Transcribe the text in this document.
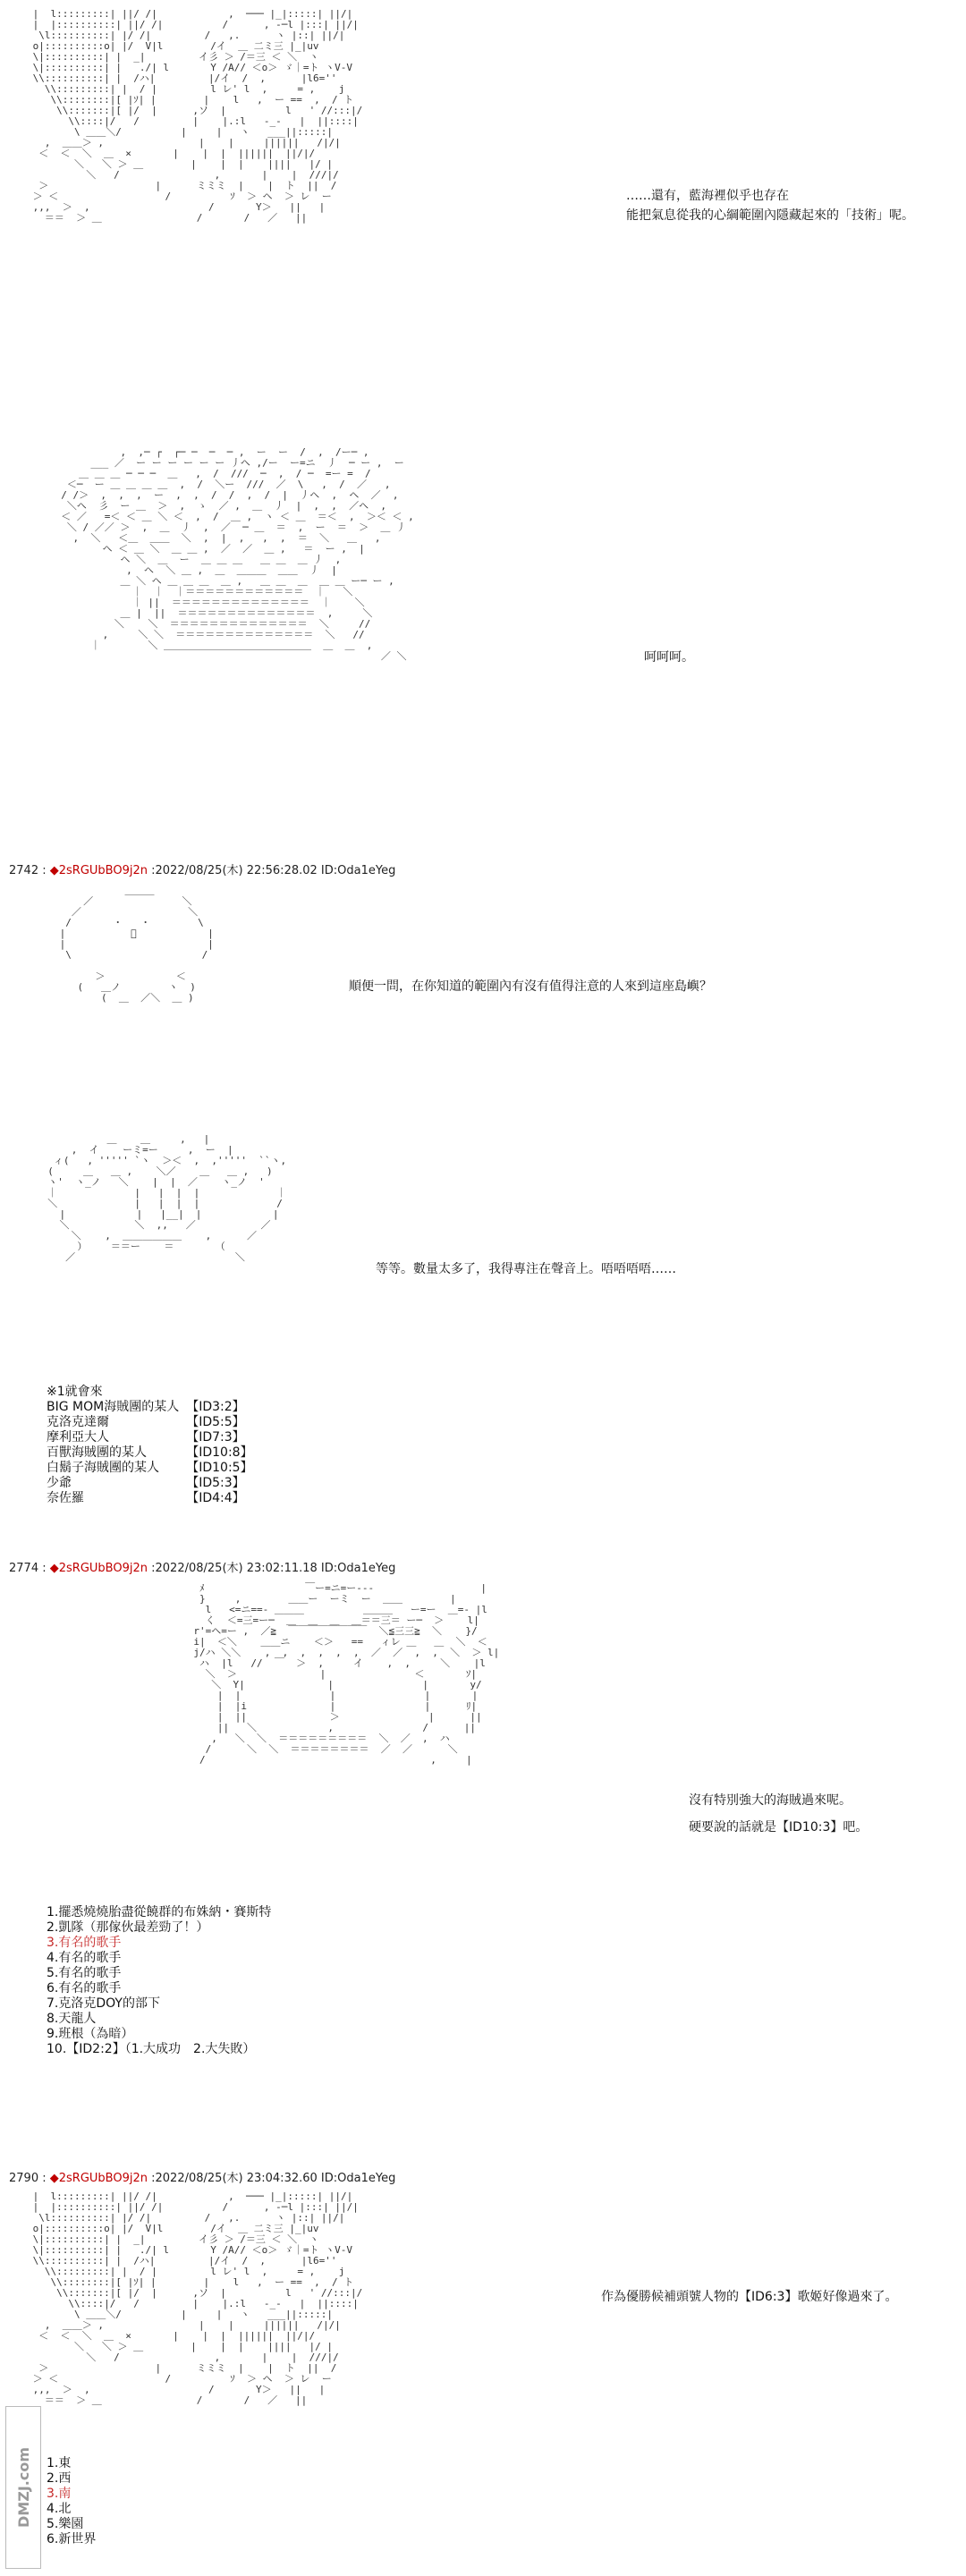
|  l:::::::::| ||/ /|            ,  ─── |_|:::::| ||/|
|  |::::::::::| ||/ /|          /      , ‐─l |:::| ||/|
\l::::::::::| |/ /|         /   ,.      ヽ |::| ||/|
o|::::::::::o| |/  V|l        /イ  ＿ 二ミ三 |_|uv
\|::::::::::| |  _|         イ彡 ＞ /＝三 ＜ ＼  ヽ
\|::::::::::| |   ./| l       Y /A// ＜o＞ ゞ｜=ト ヽV-V
\\::::::::::| |  /ハ|         |/イ  /  ,      |l6=''
\\:::::::::| |  / |         l レ' l  ,     = ,    j
\\::::::::|[ |ｿ| |        |    l   ,  ー ==  ,  / ト
\\:::::::|[ |/  |      ,ソ  |          l   ' //:::|/
\\::::|/   /         |    |.:l   -_-   |  ||::::|
\ ＿＿＼/          |     |   ヽ   ___||:::::|
,  ＿＿＞ ,                |    |     ||||||   /|/|
＜  ＜  ＼  ＿  ×       |    |  |  ||||||  ||/|/
＼   ＼ ＞ ＿        |    |  |    ||||   |/ |
＼   /                ,       |    |  ///|/
＞                  |      ミミミ  |    |  ト  ||  /
＞ ＜                  /          ｿ  ＞ ヘ  ＞ レ  ー
,,,  ＞  ,                    /       Y＞   ||   |
＝＝  ＞ ＿                /       /   ／   ||

……還有，藍海裡似乎也存在
能把氣息從我的心綱範圍內隱藏起來的「技術」呢。
,  ,─ ┌  ┌─ ─  ─  ─ ,  ー  ー  /  ,  /ー─ ,
___ ／  ー ー ー ー ー ー 丿ヘ ,/ー  ー=ニ  丿  ─ ー ,  ー
＿ ＿ ＿ ─ ─ ─  ＿   ,  /  ///  ─  ,  / ─  =ー =  /
＜─  ー ＿ ＿ ＿ ＿  ,  /  ＼ー  ///  ／  \   ,  /  ／   ,
/ /＞  ,  ,  ,  ー  ,  ,  /  /  ,  /  |  丿ヘ  ,  ヘ  ／  ,
＼ヘ  彡  ー ＿  ＞  ,  ゝ  ／ ,  ＿  丿  |  ,  ,  ／ヘ  ,
＜ ／   =＜ ＜ ＿ ＼ ＜  ,  /  ＿ ,  ヽ ＜ ＿  ＝＜  ,  ＞＜ ＜ ,
＼ / ／／ ＞  ,  ＿  丿  ,  ／  ─ ＿  ＝  ,  ー  ＝  ＞  ＿ 丿
,  ＼   ＜＿  ＿＿  ＼  ,  |  ,   ,  ,  ＝  ＼   ＿   ,
ヘ ＜ ＿ ＼  ＿ ＿ ,  ／  ／  ＿ ,   ＝  ー ,  |
ヘ ＼  ＿  ー  ＿ ＿ ＿   ＿ ＿  ＿ 丿  ,
,  ヘ  ＼ ＿ ,  ＿  ＿＿＿  ＿＿  丿  |
＿ ＼ ヘ ＿ ＿ ＿  ＿ ,   ＿ ＿  ＿  ＿ ＿ ー─ ー ,
｜  ｜  ｜＝＝＝＝＝＝＝＝＝＝＝＝  ｜   ＼
｜ ||  ＝＝＝＝＝＝＝＝＝＝＝＝＝＝  ｜    ＼
＿ |  ||  ＝＝＝＝＝＝＝＝＝＝＝＝＝＝  ,     ＼
＼    ＼  ＝＝＝＝＝＝＝＝＝＝＝＝＝＝  ＼     //
,     ＼ ＼  ＝＝＝＝＝＝＝＝＝＝＝＝＝＝  ＼   //
｜        ＼ ＿＿＿＿＿＿＿＿＿＿＿＿＿＿＿  ＿  ＿  ,
／ ＼	呵呵呵。
2742 : ◆2sRGUbBO9j2n :2022/08/25(木) 22:56:28.02 ID:Oda1eYeg
＿＿＿
／               ＼
／                  ＼
/       ・   ・        \
|           ﾟ            |
|                        |
\                      /

＞            ＜
(   ＿ノ        ヽ  )
(  ＿  ／＼  ＿ )

順便一問，在你知道的範圍內有沒有值得注意的人來到這座島嶼？
＿    ＿     ,   |
,  イ    ーミ=ー     ,  ー  |
ィ(   , ''''' `ヽ  ＞＜  ,  ,'''''  ``ヽ,
(     ＿   ＿ ,    ＼／    ＿   ＿ ,   )
ヽ'  ヽ_ノ   ＼    |  |  ／    ヽ_ノ  '
｜             |   |  |  |             ｜
＼             |   |  |  |             /
|            |   |__|  |            |
＼           ＼  ,,   ／           ／
＼    ,  ＿＿＿＿＿＿    ,      ／
）    ＝＝ー    ＝       （
／                           ＼

等等。數量太多了，我得專注在聲音上。唔唔唔唔……
※1就會來
BIG MOM海賊團的某人	【ID3:2】
克洛克達爾	【ID5:5】
摩利亞大人	【ID7:3】
百獸海賊團的某人	【ID10:8】
白鬍子海賊團的某人	【ID10:5】
少爺	【ID5:3】
奈佐羅	【ID4:4】
2774 : ◆2sRGUbBO9j2n :2022/08/25(木) 23:02:11.18 ID:Oda1eYeg
ﾒ                 ￣ー=ニ=ー‐‐‐                  |
}     ,        ＿＿ー  ーミ  ー  ＿＿        |
l   <=ニ==‐ ＿＿＿          ＿＿＿   ー=ー  ＿=‐ |l
く  ＜=三=ー─  ＿  ＿  ＿  ＿＝＝三＝ ー─  ＞    l|
r'=ヘ=ー ,  ／≧  ￣￣￣￣￣￣￣￣  ＼≦三三≧  ＼    }/
i|  ＜＼    ＿＿ニ    ＜＞   ==   ィレ ＿   ＿  ＼  ＜
j/ハ ＼＼    ,  ,  ,  ,  ,  ,  ／  ／  ,  ,  ＼  ＞ l|
ハ  |l   //  ￣  ＞  ,     イ    ,  ,     ＼    |l
＼  ＞              |               ＜       ｿ|
＼  Y|              |               |       y/
|  |               |               |       |
|  |i              |               |      ﾘ|
|  ||              ＞               |      ||
||   ＼            ,               /      ||
,   ＼  ＼  ＝＝＝＝＝＝＝＝＝  ＼  ／  ,  ハ
/      ＼  ＼  ＝＝＝＝＝＝＝＝  ／  ／      ＼
/                                      ,     |

沒有特別強大的海賊過來呢。
硬要說的話就是【ID10:3】吧。
1.擺悉燒燒胎盡從饒群的布姝納・賽斯特
2.凱隊（那傢伙最差勁了！）
3.有名的歌手
4.有名的歌手
5.有名的歌手
6.有名的歌手
7.克洛克DOY的部下
8.天龍人
9.班根（為暗）
10.【ID2:2】（1.大成功　2.大失敗）
2790 : ◆2sRGUbBO9j2n :2022/08/25(木) 23:04:32.60 ID:Oda1eYeg
|  l:::::::::| ||/ /|            ,  ─── |_|:::::| ||/|
|  |::::::::::| ||/ /|          /      , ‐─l |:::| ||/|
\l::::::::::| |/ /|         /   ,.      ヽ |::| ||/|
o|::::::::::o| |/  V|l        /イ  ＿ 二ミ三 |_|uv
\|::::::::::| |  _|         イ彡 ＞ /＝三 ＜ ＼  ヽ
\|::::::::::| |   ./| l       Y /A// ＜o＞ ゞ｜=ト ヽV-V
\\::::::::::| |  /ハ|         |/イ  /  ,      |l6=''
\\:::::::::| |  / |         l レ' l  ,     = ,    j
\\::::::::|[ |ｿ| |        |    l   ,  ー ==  ,  / ト
\\:::::::|[ |/  |      ,ソ  |          l   ' //:::|/
\\::::|/   /         |    |.:l   -_-   |  ||::::|
\ ＿＿＼/          |     |   ヽ   ___||:::::|
,  ＿＿＞ ,                |    |     ||||||   /|/|
＜  ＜  ＼  ＿  ×       |    |  |  ||||||  ||/|/
＼   ＼ ＞ ＿        |    |  |    ||||   |/ |
＼   /                ,       |    |  ///|/
＞                  |      ミミミ  |    |  ト  ||  /
＞ ＜                  /          ｿ  ＞ ヘ  ＞ レ  ー
,,,  ＞  ,                    /       Y＞   ||   |
＝＝  ＞ ＿                /       /   ／   ||

作為優勝候補頭號人物的【ID6:3】歌姬好像過來了。
1.東
2.西
3.南
4.北
5.樂園
6.新世界
DMZJ.com
